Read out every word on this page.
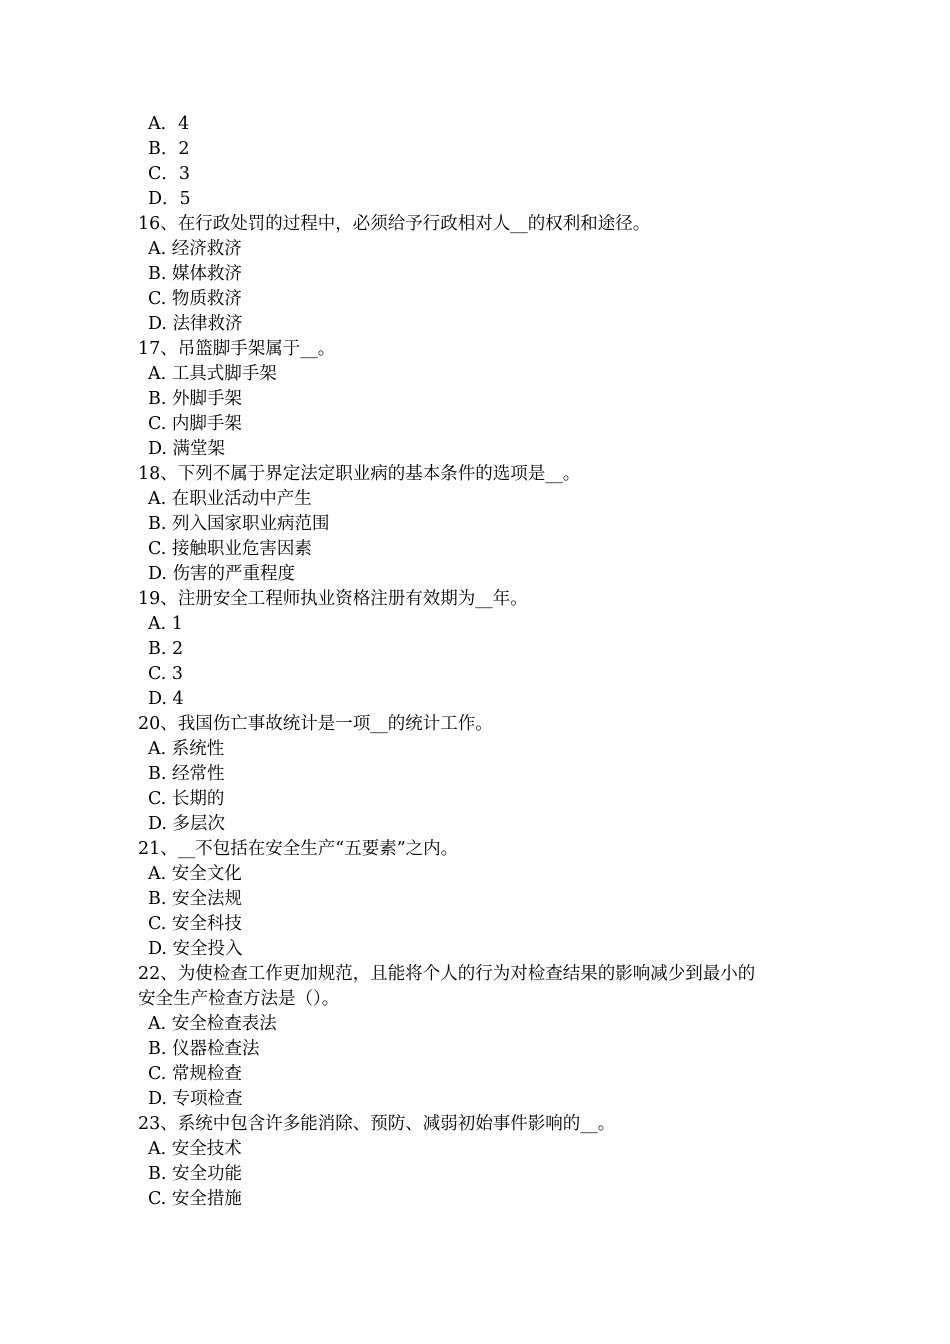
A．4
B．2
C．3
D．5
16、在行政处罚的过程中，必须给予行政相对人__的权利和途径。
A. 经济救济
B. 媒体救济
C. 物质救济
D. 法律救济
17、吊篮脚手架属于__。
A. 工具式脚手架
B. 外脚手架
C. 内脚手架
D. 满堂架
18、下列不属于界定法定职业病的基本条件的选项是__。
A. 在职业活动中产生
B. 列入国家职业病范围
C. 接触职业危害因素
D. 伤害的严重程度
19、注册安全工程师执业资格注册有效期为__年。
A. 1
B. 2
C. 3
D. 4
20、我国伤亡事故统计是一项__的统计工作。
A. 系统性
B. 经常性
C. 长期的
D. 多层次
21、__不包括在安全生产“五要素”之内。
A. 安全文化
B. 安全法规
C. 安全科技
D. 安全投入
22、为使检查工作更加规范，且能将个人的行为对检查结果的影响减少到最小的
安全生产检查方法是（）。
A. 安全检查表法
B. 仪器检查法
C. 常规检查
D. 专项检查
23、系统中包含许多能消除、预防、减弱初始事件影响的__。
A. 安全技术
B. 安全功能
C. 安全措施
